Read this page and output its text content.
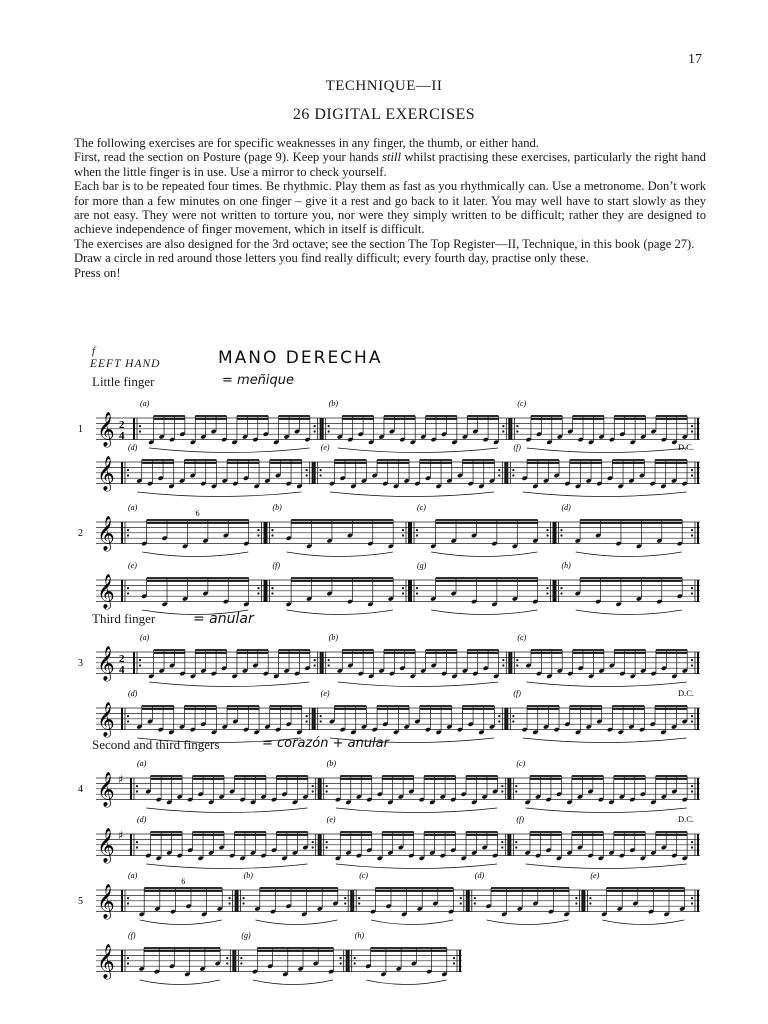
17
TECHNIQUE—II
26 DIGITAL EXERCISES

The following exercises are for specific weaknesses in any finger, the thumb, or either hand.

First, read the section on Posture (page 9). Keep your hands still whilst practising these exercises, particularly the right hand when the little finger is in use. Use a mirror to check yourself.

Each bar is to be repeated four times. Be rhythmic. Play them as fast as you rhythmically can. Use a metronome. Don’t work for more than a few minutes on one finger – give it a rest and go back to it later. You may well have to start slowly as they are not easy. They were not written to torture you, nor were they simply written to be difficult; rather they are designed to achieve independence of finger movement, which in itself is difficult.

The exercises are also designed for the 3rd octave; see the section The Top Register—II, Technique, in this book (page 27).

Draw a circle in red around those letters you find really difficult; every fourth day, practise only these.

Press on!

f
EEFT HAND	MANO DERECHA
Little finger	= meñique
Third finger	= anular
Second and third fingers	= corazón + anular
1 𝄞 2
4
(a)	(b)	(c)
𝄞
(d)	(e)	(f)	D.C.
2 𝄞
(a)
6
(b)	(c)	(d)
𝄞
(e)	(f)	(g)	(h)
3 𝄞 2
4
(a)	(b)	(c)
𝄞
(d)	(e)	(f)	D.C.
4 𝄞 ♯
(a)	(b)	(c)
𝄞 ♯
(d)	(e)	(f)	D.C.
5 𝄞
(a)
6
(b)	(c)	(d)	(e)
𝄞
(f)	(g)	(h)
